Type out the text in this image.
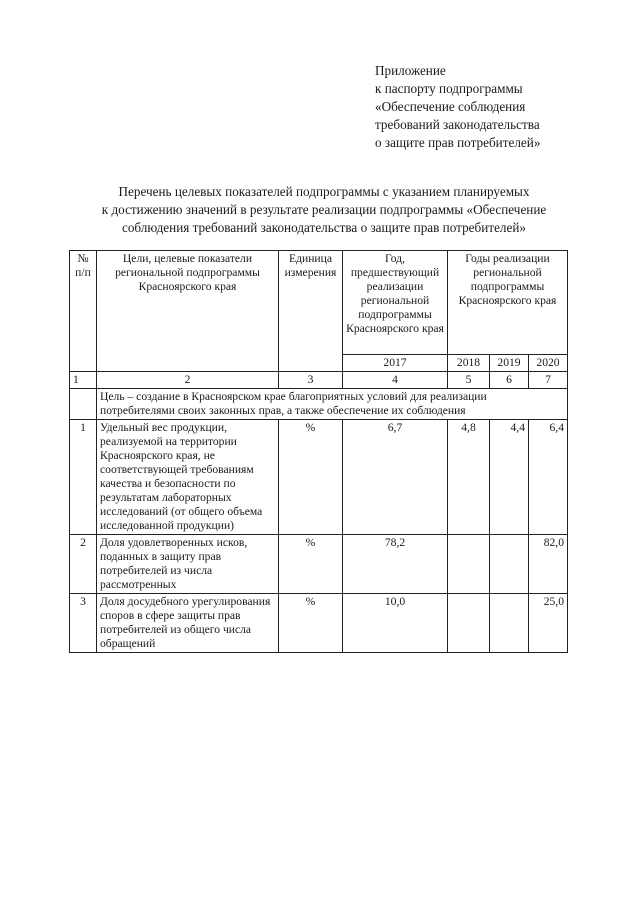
Приложение
к паспорту подпрограммы
«Обеспечение соблюдения
требований законодательства
о защите прав потребителей»
Перечень целевых показателей подпрограммы с указанием планируемых
к достижению значений в результате реализации подпрограммы «Обеспечение
соблюдения требований законодательства о защите прав потребителей»
№ п/п	Цели, целевые показатели региональной подпрограммы Красноярского края	Единица измерения	Год, предшествующий реализации региональной подпрограммы Красноярского края	Годы реализации региональной подпрограммы Красноярского края		
			2017	2018	2019	2020
1	2	3	4	5	6	7
	Цель – создание в Красноярском крае благоприятных условий для реализации потребителями своих законных прав, а также обеспечение их соблюдения					
1	Удельный вес продукции, реализуемой на территории Красноярского края, не соответствующей требованиям качества и безопасности по результатам лабораторных исследований (от общего объема исследованной продукции)	%	6,7	4,8	4,4	6,4
2	Доля удовлетворенных исков, поданных в защиту прав потребителей из числа рассмотренных	%	78,2			82,0
3	Доля досудебного урегулирования споров в сфере защиты прав потребителей из общего числа обращений	%	10,0			25,0
